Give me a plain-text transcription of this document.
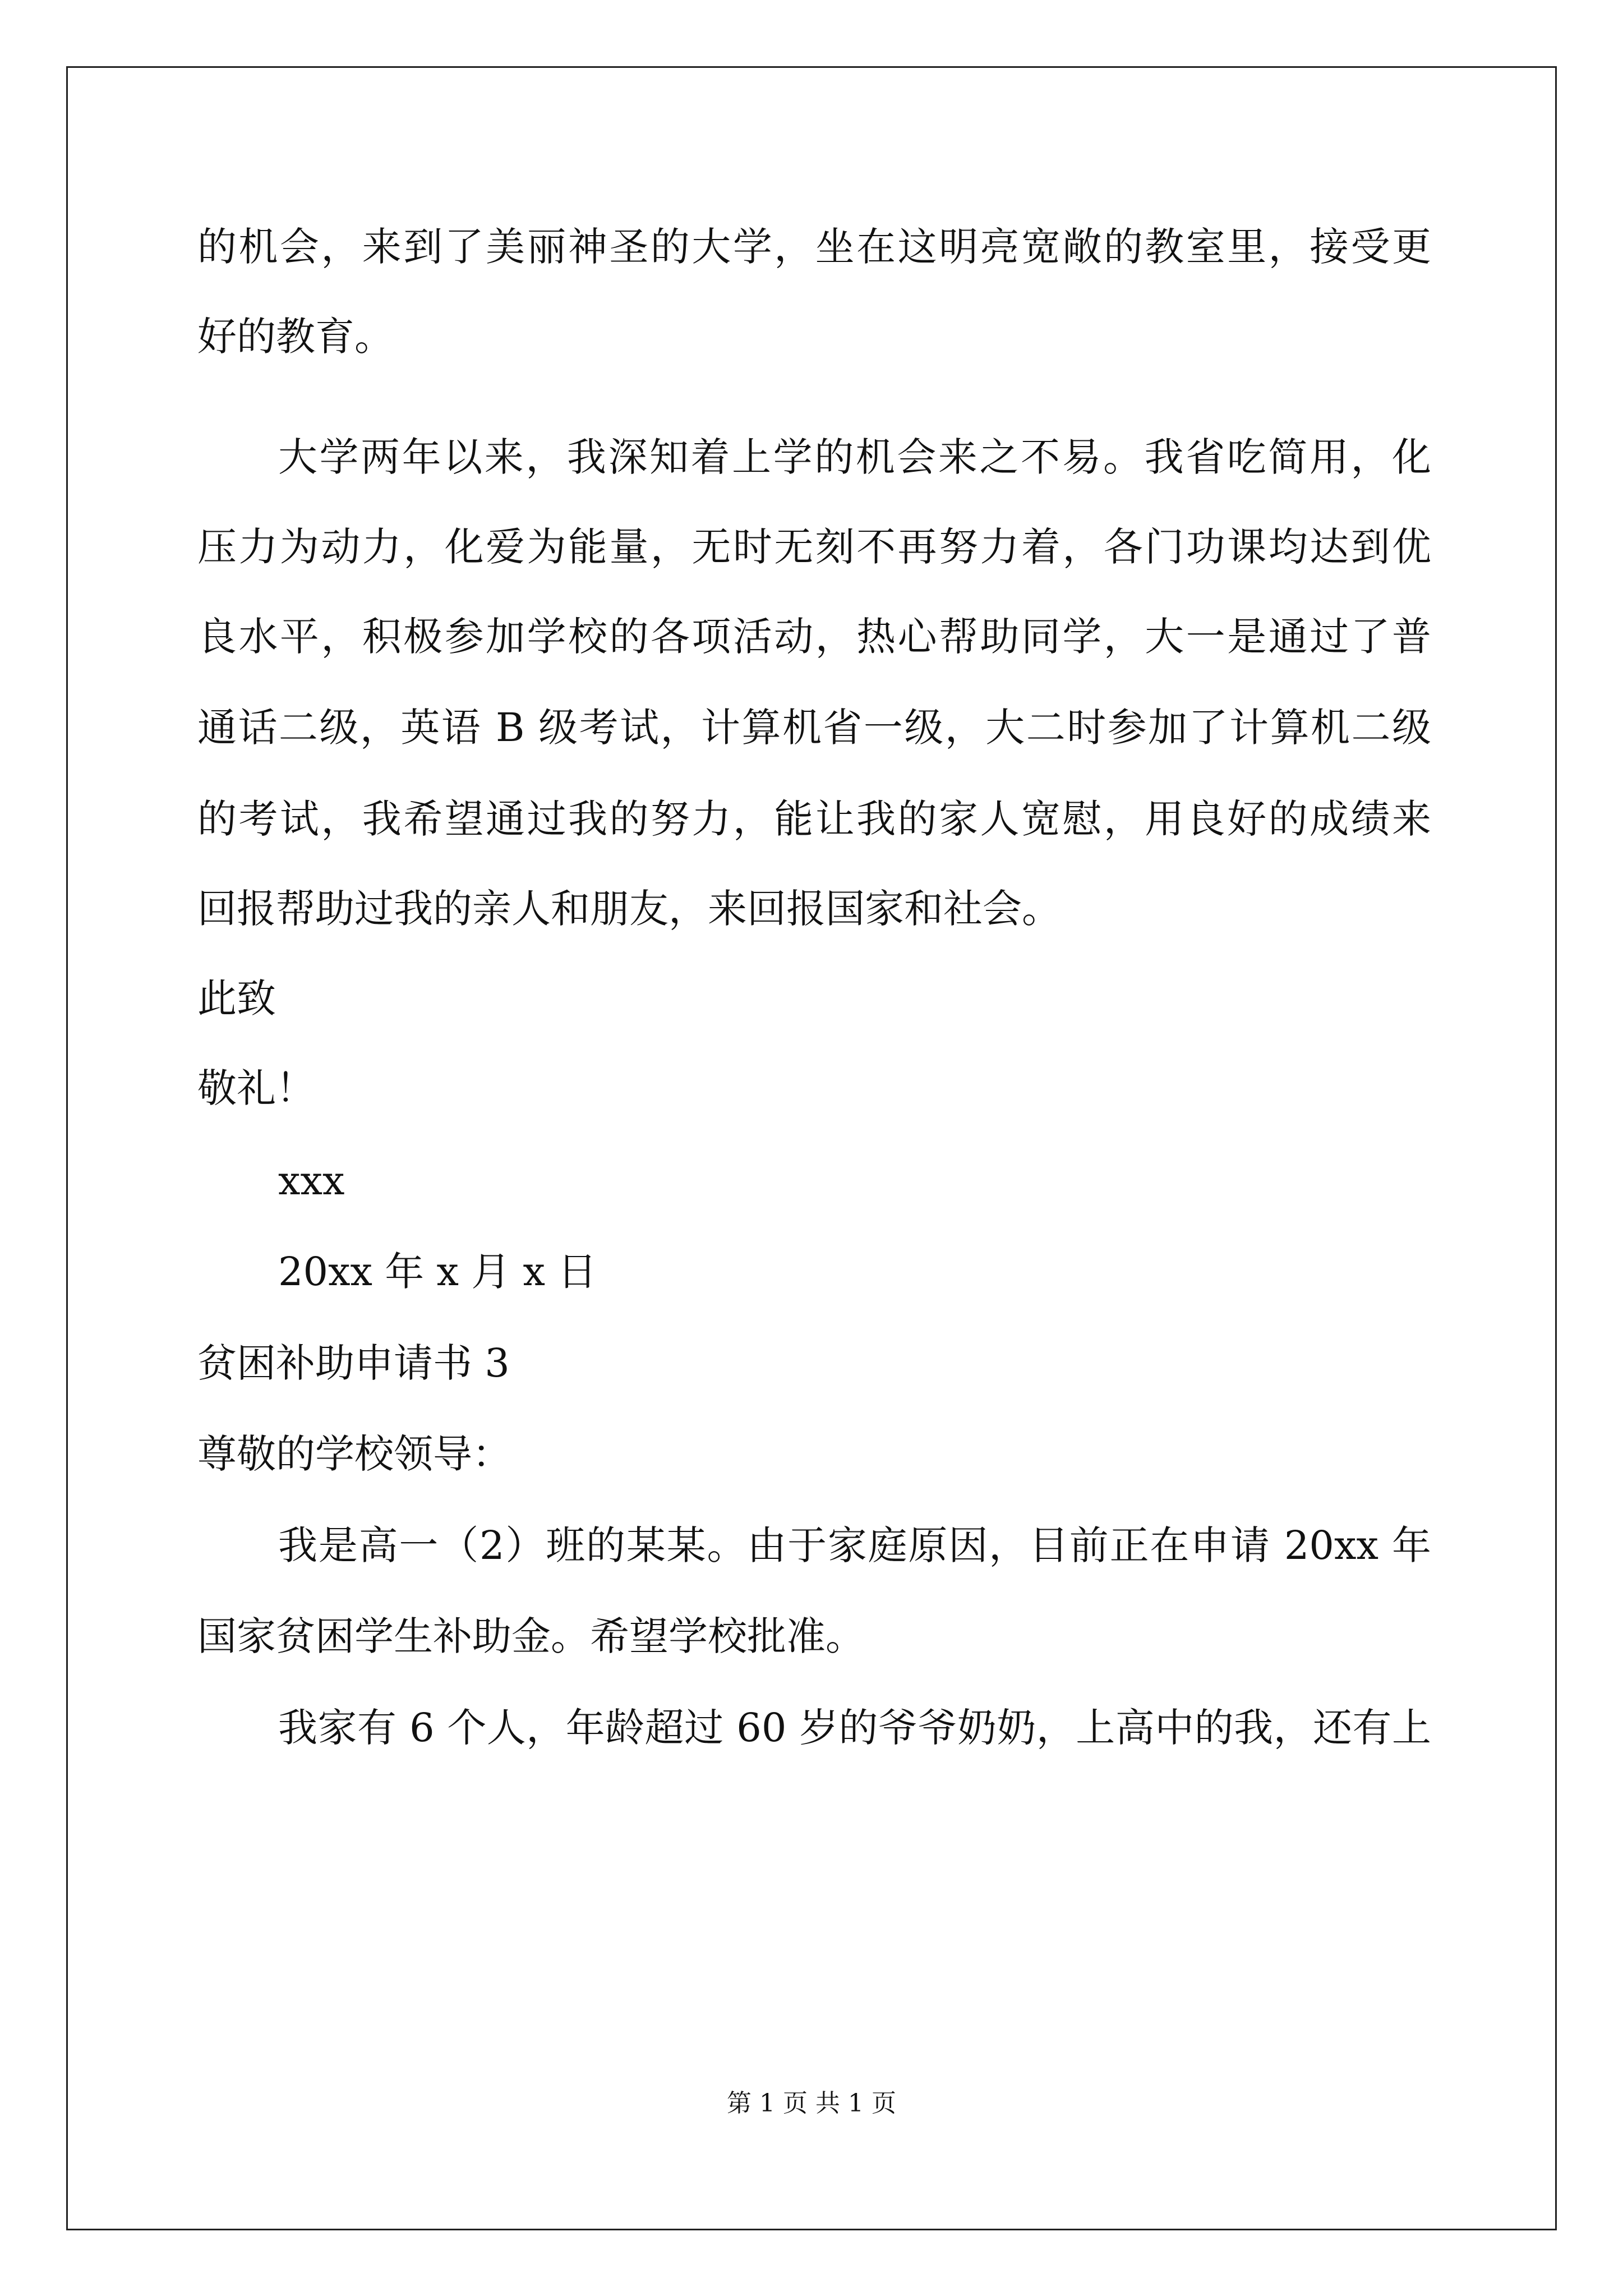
的机会，来到了美丽神圣的大学，坐在这明亮宽敞的教室里，接受更
好的教育。
大学两年以来，我深知着上学的机会来之不易。我省吃简用，化
压力为动力，化爱为能量，无时无刻不再努力着，各门功课均达到优
良水平，积极参加学校的各项活动，热心帮助同学，大一是通过了普
通话二级，英语 B 级考试，计算机省一级，大二时参加了计算机二级
的考试，我希望通过我的努力，能让我的家人宽慰，用良好的成绩来
回报帮助过我的亲人和朋友，来回报国家和社会。
此致
敬礼！
xxx
20xx 年 x 月 x 日
贫困补助申请书 3
尊敬的学校领导：
我是高一（2）班的某某。由于家庭原因，目前正在申请 20xx 年
国家贫困学生补助金。希望学校批准。
我家有 6 个人，年龄超过 60 岁的爷爷奶奶，上高中的我，还有上
第 1 页 共 1 页
